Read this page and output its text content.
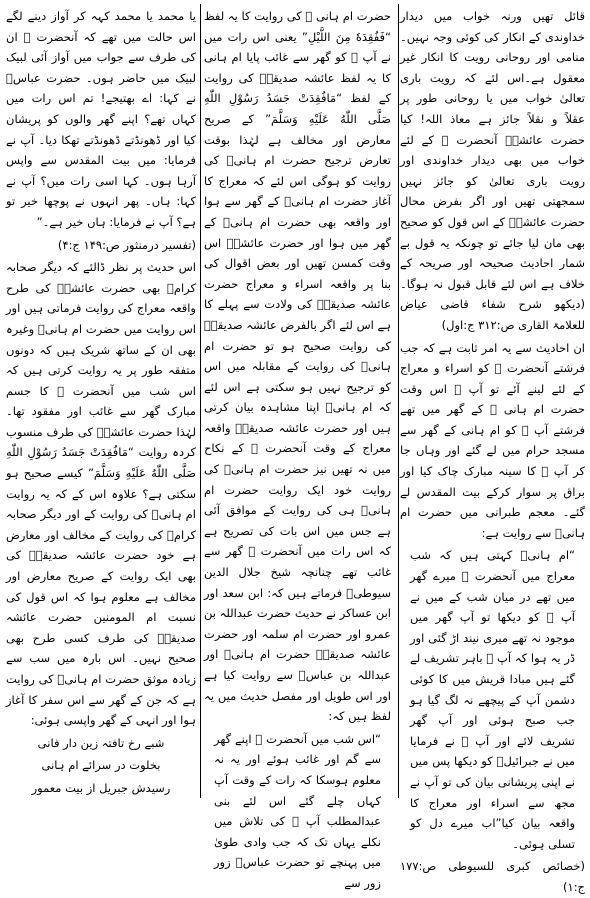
قائل تھیں ورنہ خواب میں دیدار خداوندی کے انکار کی کوئی وجہ نہیں۔ منامی اور روحانی رویت کا انکار غیر معقول ہے۔اس لئے کہ رویت باری تعالیٰ خواب میں یا روحانی طور پر عقلاً و نقلاً جائز ہے معاذ اللہ! کیا حضرت عائشہؓ آنحضرت ﷺ کے لئے خواب میں بھی دیدار خداوندی اور رویت باری تعالیٰ کو جائز نہیں سمجھتی تھیں اور اگر بفرض محال حضرت عائشہؓ کے اس قول کو صحیح بھی مان لیا جائے تو چونکہ یہ قول بے شمار احادیث صحیحہ اور صریحہ کے خلاف ہے اس لئے قابل قبول نہ ہوگا۔ (دیکھو شرح شفاء قاضی عیاض للعلامۃ القاری ص:۳۱۲ ج:اول)

ان احادیث سے یہ امر ثابت ہے کہ جب فرشتے آنحضرت ﷺ کو اسراء و معراج کے لئے لینے آئے تو آپ ﷺ اس وقت حضرت ام ہانی ؓ کے گھر میں تھے فرشتے آپ ﷺ کو ام ہانی کے گھر سے مسجد حرام میں لے گئے اور وہاں جا کر آپ ﷺ کا سینہ مبارک چاک کیا اور براق پر سوار کرکے بیت المقدس لے گئے۔ معجم طبرانی میں حضرت ام ہانیؓ سے روایت ہے:

“ام ہانیؓ کہتی ہیں کہ شب معراج میں آنحضرت ﷺ میرے گھر میں تھے در میان شب کے میں نے آپ ﷺ کو دیکھا تو آپ گھر میں موجود نہ تھے میری نیند اڑ گئی اور ڈر یہ ہوا کہ آپ ﷺ باہر تشریف لے گئے ہیں مبادا قریش میں کا کوئی دشمن آپ کے پیچھے نہ لگ گیا ہو جب صبح ہوئی اور آپ گھر تشریف لائے اور آپ ﷺ نے فرمایا میں نے جبرائیلؑ کو دیکھا پس میں نے اپنی پریشانی بیان کی تو آپ نے مجھ سے اسراء اور معراج کا واقعہ بیان کیا”اب میرے دل کو تسلی ہوئی۔

(خصائص کبری للسیوطی ص:۱۷۷ ج:۱)

حضرت ام ہانی ؓ کی روایت کا یہ لفظ “فَفُقِدَهٗ مِنَ اللَّيْلِ” یعنی اس رات میں نے آپ ﷺ کو گھر سے غائب پایا ام ہانی کا یہ لفظ عائشہ صدیقہؓ کی روایت کے لفظ “مَافُقِدَتْ جَسَدُ رَسُوْلِ اللّٰهِ صَلَّى اللّٰهُ عَلَيْهِ وَسَلَّمَ” کے صریح معارض اور مخالف ہے لہٰذا بوقت تعارض ترجیح حضرت ام ہانیؓ کی روایت کو ہوگی اس لئے کہ معراج کا آغاز حضرت ام ہانیؓ کے گھر سے ہوا اور واقعہ بھی حضرت ام ہانیؓ کے گھر میں ہوا اور حضرت عائشہؓ اس وقت کمسن تھیں اور بعض اقوال کی بنا پر واقعہ اسراء و معراج حضرت عائشہ صدیقہؓ کی ولادت سے پہلے کا ہے اس لئے اگر بالفرض عائشہ صدیقہؓ کی روایت صحیح ہو تو حضرت ام ہانیؓ کی روایت کے مقابلہ میں اس کو ترجیح نہیں ہو سکتی ہے اس لئے کہ ام ہانیؓ اپنا مشاہدہ بیان کرتی ہیں اور حضرت عائشہ صدیقہؓ واقعہ معراج کے وقت آنحضرت ﷺ کے نکاح میں نہ تھیں نیز حضرت ام ہانیؓ کی روایت خود ایک روایت حضرت ام ہانیؓ ہی کی روایت کے موافق آئی ہے جس میں اس بات کی تصریح ہے کہ اس رات میں آنحضرت ﷺ گھر سے غائب تھے چنانچہ شیخ جلال الدین سیوطیؒ فرماتے ہیں کہ: ابن سعد اور ابن عساکر نے حدیث حضرت عبداللہ بن عمرو اور حضرت ام سلمہ اور حضرت عائشہ صدیقہؓ حضرت ام ہانیؓ اور عبداللہ بن عباسؓ سے روایت کیا ہے اور اس طویل اور مفصل حدیث میں یہ لفظ ہیں کہ:

“اس شب میں آنحضرت ﷺ اپنے گھر سے گم اور غائب ہوئے اور یہ نہ معلوم ہوسکا کہ رات کے وقت آپ کہاں چلے گئے اس لئے بنی عبدالمطلب آپ ﷺ کی تلاش میں نکلے یہاں تک کہ جب وادی طویٰ میں پہنچے تو حضرت عباسؓ زور زور سے

یا محمد یا محمد کہہ کر آواز دینے لگے اس حالت میں تھے کہ آنحضرت ﷺ ان کی طرف سے جواب میں آواز آئی لبیک لبیک میں حاضر ہوں۔ حضرت عباسؓ نے کہا: اے بھتیجے! تم اس رات میں کہاں تھے؟ اپنے گھر والوں کو پریشان کیا اور ڈھونڈتے ڈھونڈتے تھکا دیا۔ آپ نے فرمایا: میں بیت المقدس سے واپس آرہا ہوں۔ کہا اسی رات میں؟ آپ نے کہا: ہاں۔ پھر انہوں نے پوچھا خیر تو ہے؟ آپ نے فرمایا: ہاں خیر ہے۔”

(تفسیر درمنثور ص:۱۴۹ ج:۴)

اس حدیث پر نظر ڈالئے کہ دیگر صحابہ کرامؓ بھی حضرت عائشہؓ کی طرح واقعہ معراج کی روایت فرماتی ہیں اور اس روایت میں حضرت ام ہانیؓ وغیرہ بھی ان کے ساتھ شریک ہیں کہ دونوں متفقہ طور پر یہ روایت کرتی ہیں کہ اس شب میں آنحضرت ﷺ کا جسم مبارک گھر سے غائب اور مفقود تھا۔ لہٰذا حضرت عائشہؓ کی طرف منسوب کردہ روایت “مَافُقِدَتْ جَسَدُ رَسُوْلِ اللّٰهِ صَلَّى اللّٰهُ عَلَيْهِ وَسَلَّمَ” کیسے صحیح ہو سکتی ہے؟ علاوہ اس کے کہ یہ روایت ام ہانیؓ کی روایت کے اور دیگر صحابہ کرامؓ کی روایت کے مخالف اور معارض ہے خود حضرت عائشہ صدیقہؓ کی بھی ایک روایت کے صریح معارض اور مخالف ہے معلوم ہوا کہ اس قول کی نسبت ام المومنین حضرت عائشہ صدیقہؓ کی طرف کسی طرح بھی صحیح نہیں۔ اس بارہ میں سب سے زیادہ موثق حضرت ام ہانیؓ کی روایت ہے کہ جن کے گھر سے اس سفر کا آغاز ہوا اور انہی کے گھر واپسی ہوئی:

شبے رخ تافتہ زین دار فانی

بخلوت در سرائے ام ہانی

رسیدش جبریل از بیت معمور
